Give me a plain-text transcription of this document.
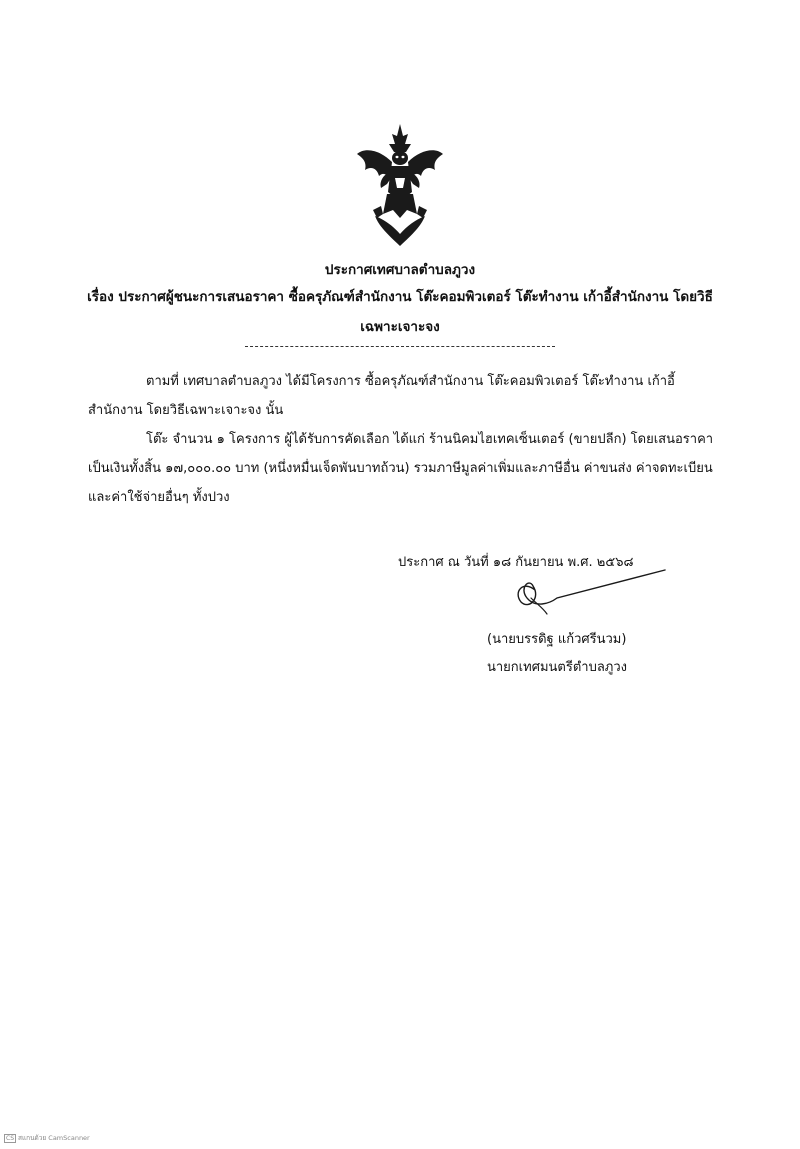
ประกาศเทศบาลตำบลภูวง
เรื่อง ประกาศผู้ชนะการเสนอราคา ซื้อครุภัณฑ์สำนักงาน โต๊ะคอมพิวเตอร์ โต๊ะทำงาน เก้าอี้สำนักงาน โดยวิธี
เฉพาะเจาะจง
ตามที่ เทศบาลตำบลภูวง ได้มีโครงการ ซื้อครุภัณฑ์สำนักงาน โต๊ะคอมพิวเตอร์ โต๊ะทำงาน เก้าอี้
สำนักงาน โดยวิธีเฉพาะเจาะจง นั้น
โต๊ะ จำนวน ๑ โครงการ ผู้ได้รับการคัดเลือก ได้แก่ ร้านนิคมไฮเทคเซ็นเตอร์ (ขายปลีก) โดยเสนอราคา
เป็นเงินทั้งสิ้น ๑๗,๐๐๐.๐๐ บาท (หนึ่งหมื่นเจ็ดพันบาทถ้วน) รวมภาษีมูลค่าเพิ่มและภาษีอื่น ค่าขนส่ง ค่าจดทะเบียน
และค่าใช้จ่ายอื่นๆ ทั้งปวง
ประกาศ ณ วันที่ ๑๘ กันยายน พ.ศ. ๒๕๖๘
(นายบรรดิฐ แก้วศรีนวม)
นายกเทศมนตรีตำบลภูวง
CS สแกนด้วย CamScanner
